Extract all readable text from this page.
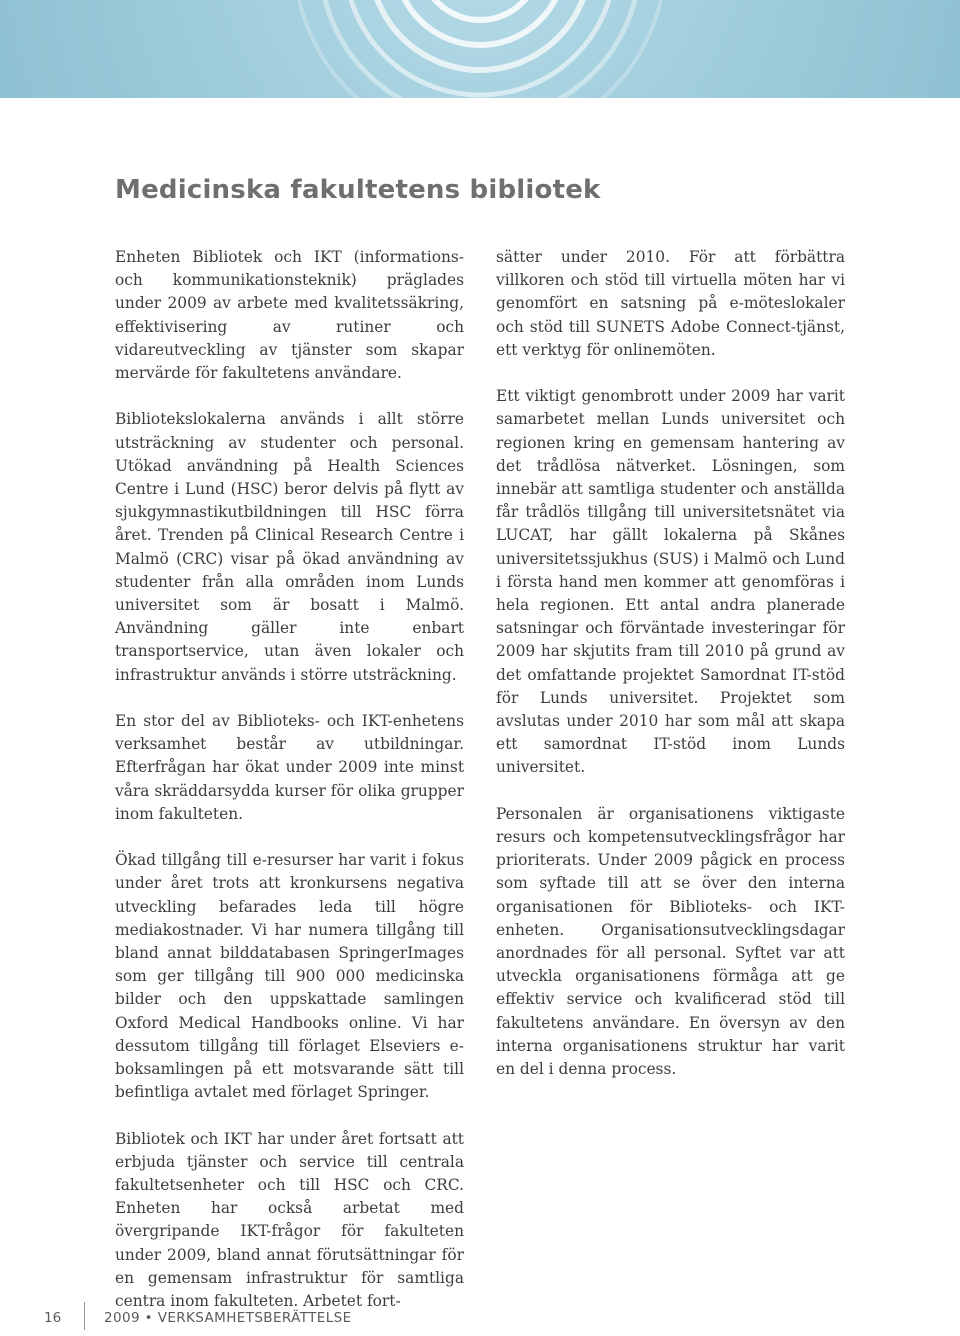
Medicinska fakultetens bibliotek

Enheten Bibliotek och IKT (informations- och kommunikationsteknik) präglades under 2009 av arbete med kvalitetssäkring, effektivisering av rutiner och vidareutveckling av tjänster som skapar mervärde för fakultetens användare.

Bibliotekslokalerna används i allt större utsträckning av studenter och personal. Utökad användning på Health Sciences Centre i Lund (HSC) beror delvis på flytt av sjukgymnastikutbildningen till HSC förra året. Trenden på Clinical Research Centre i Malmö (CRC) visar på ökad användning av studenter från alla områden inom Lunds universitet som är bosatt i Malmö. Användning gäller inte enbart transportservice, utan även lokaler och infrastruktur används i större utsträckning.

En stor del av Biblioteks- och IKT-enhetens verksamhet består av utbildningar. Efterfrågan har ökat under 2009 inte minst våra skräddarsydda kurser för olika grupper inom fakulteten.

Ökad tillgång till e-resurser har varit i fokus under året trots att kronkursens negativa utveckling befarades leda till högre mediakostnader. Vi har numera tillgång till bland annat bilddatabasen SpringerImages som ger tillgång till 900 000 medicinska bilder och den uppskattade samlingen Oxford Medical Handbooks online. Vi har dessutom tillgång till förlaget Elseviers e-boksamlingen på ett motsvarande sätt till befintliga avtalet med förlaget Springer.

Bibliotek och IKT har under året fortsatt att erbjuda tjänster och service till centrala fakultetsenheter och till HSC och CRC. Enheten har också arbetat med övergripande IKT-frågor för fakulteten under 2009, bland annat förutsättningar för en gemensam infrastruktur för samtliga centra inom fakulteten. Arbetet fort-

sätter under 2010. För att förbättra villkoren och stöd till virtuella möten har vi genomfört en satsning på e-möteslokaler och stöd till SUNETS Adobe Connect-tjänst, ett verktyg för onlinemöten.

Ett viktigt genombrott under 2009 har varit samarbetet mellan Lunds universitet och regionen kring en gemensam hantering av det trådlösa nätverket. Lösningen, som innebär att samtliga studenter och anställda får trådlös tillgång till universitetsnätet via LUCAT, har gällt lokalerna på Skånes universitetssjukhus (SUS) i Malmö och Lund i första hand men kommer att genomföras i hela regionen. Ett antal andra planerade satsningar och förväntade investeringar för 2009 har skjutits fram till 2010 på grund av det omfattande projektet Samordnat IT-stöd för Lunds universitet. Projektet som avslutas under 2010 har som mål att skapa ett samordnat IT-stöd inom Lunds universitet.

Personalen är organisationens viktigaste resurs och kompetensutvecklingsfrågor har prioriterats. Under 2009 pågick en process som syftade till att se över den interna organisationen för Biblioteks- och IKT-enheten. Organisationsutvecklingsdagar anordnades för all personal. Syftet var att utveckla organisationens förmåga att ge effektiv service och kvalificerad stöd till fakultetens användare. En översyn av den interna organisationens struktur har varit en del i denna process.

16	2009 • VERKSAMHETSBERÄTTELSE
